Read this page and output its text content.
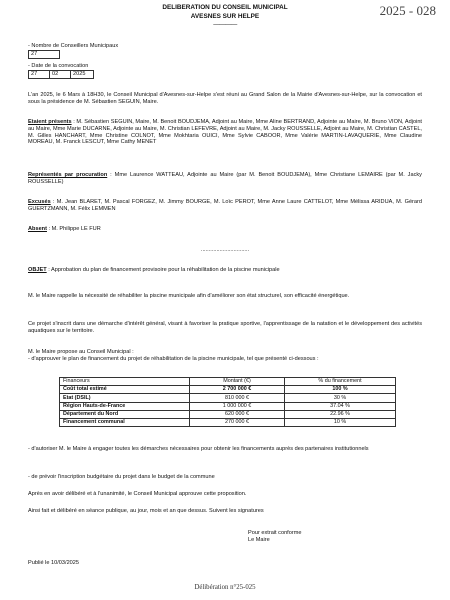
2025 - 028
DELIBERATION DU CONSEIL MUNICIPAL
AVESNES SUR HELPE
————
- Nombre de Conseillers Municipaux
27
- Date de la convocation
27	02	2025
L'an 2025, le 6 Mars à 18H30, le Conseil Municipal d'Avesnes-sur-Helpe s'est réuni au Grand Salon de la Mairie d'Avesnes-sur-Helpe, sur la convocation et sous la présidence de M. Sébastien SEGUIN, Maire.
Etaient présents : M. Sébastien SEGUIN, Maire, M. Benoit BOUDJEMA, Adjoint au Maire, Mme Aline BERTRAND, Adjointe au Maire, M. Bruno VION, Adjoint au Maire, Mme Marie DUCARNE, Adjointe au Maire, M. Christian LEFEVRE, Adjoint au Maire, M. Jacky ROUSSELLE, Adjoint au Maire, M. Christian CASTEL, M. Gilles HANCHART, Mme Christine COLNOT, Mme Mokhtaria OUICI, Mme Sylvie CABOOR, Mme Valérie MARTIN-LAVAQUERIE, Mme Claudine MOREAU, M. Franck LESCUT, Mme Cathy MENET
Représentés par procuration : Mme Laurence WATTEAU, Adjointe au Maire (par M. Benoit BOUDJEMA), Mme Christiane LEMAIRE (par M. Jacky ROUSSELLE)
Excusés : M. Jean BLARET, M. Pascal FORGEZ, M. Jimmy BOURGE, M. Loïc PEROT, Mme Anne Laure CATTELOT, Mme Mélissa ARIDUA, M. Gérard GUERTZMANN, M. Félix LEMMEN
Absent : M. Philippe LE FUR
...............................
OBJET : Approbation du plan de financement provisoire pour la réhabilitation de la piscine municipale
M. le Maire rappelle la nécessité de réhabiliter la piscine municipale afin d'améliorer son état structurel, son efficacité énergétique.
Ce projet s'inscrit dans une démarche d'intérêt général, visant à favoriser la pratique sportive, l'apprentissage de la natation et le développement des activités aquatiques sur le territoire.
M. le Maire propose au Conseil Municipal :
- d'approuver le plan de financement du projet de réhabilitation de la piscine municipale, tel que présenté ci-dessous :
Financeurs	Montant (€)	% du financement
Coût total estimé	2 700 000 €	100 %
Etat (DSIL)	810 000 €	30 %
Région Hauts-de-France	1 000 000 €	37.04 %
Département du Nord	620 000 €	22.96 %
Financement communal	270 000 €	10 %
- d'autoriser M. le Maire à engager toutes les démarches nécessaires pour obtenir les financements auprès des partenaires institutionnels
- de prévoir l'inscription budgétaire du projet dans le budget de la commune
Après en avoir délibéré et à l'unanimité, le Conseil Municipal approuve cette proposition.
Ainsi fait et délibéré en séance publique, au jour, mois et an que dessus. Suivent les signatures
Pour extrait conforme
Le Maire
Publié le 10/03/2025
Délibération n°25-025
